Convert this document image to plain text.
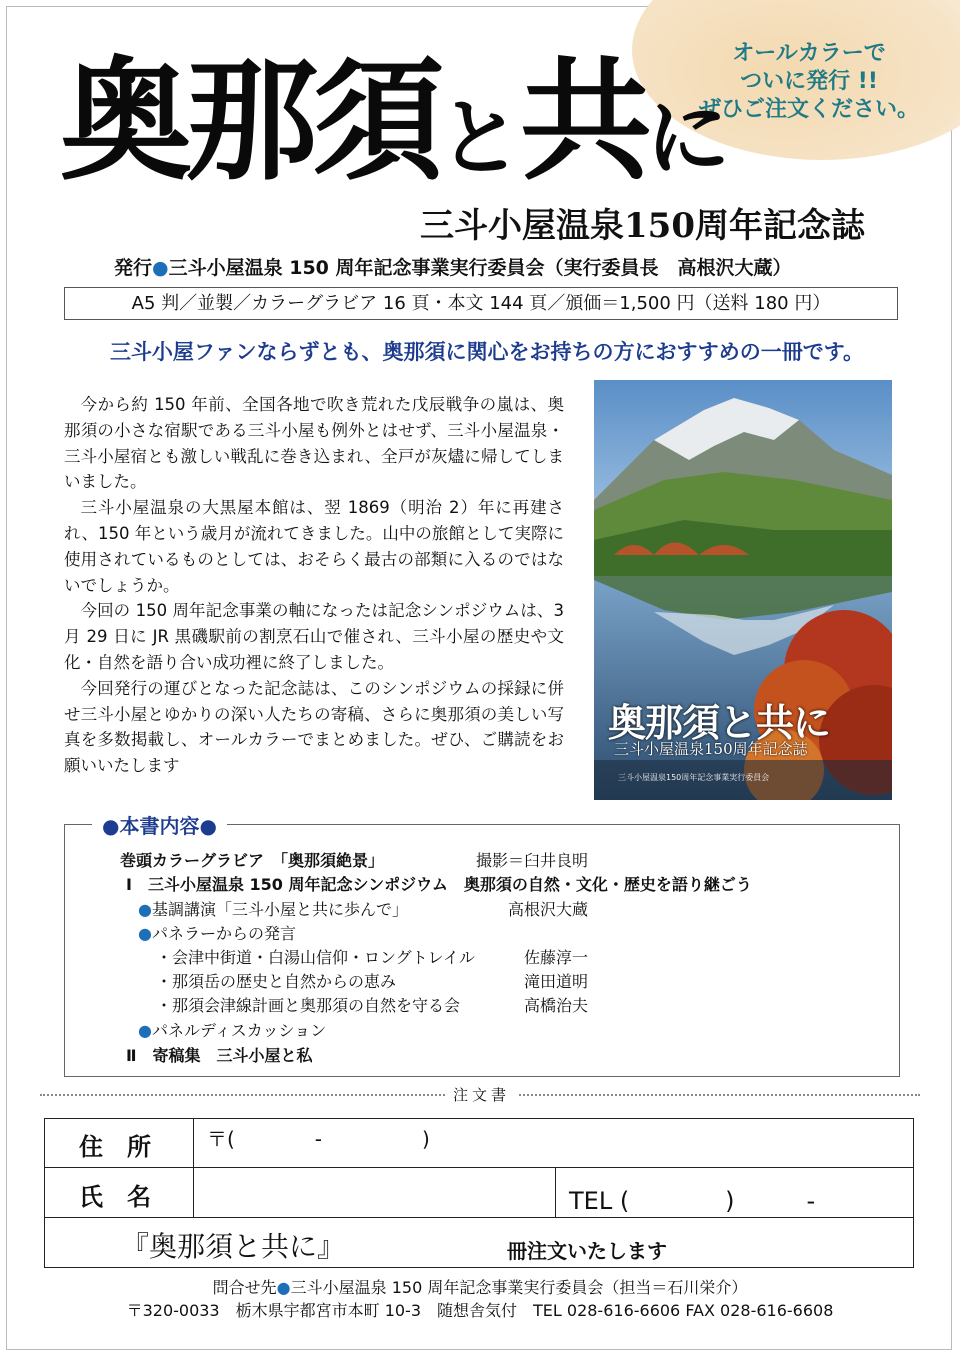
オールカラーで
ついに発行 !!
ぜひご注文ください。
奥那須と共に
三斗小屋温泉150周年記念誌
発行●三斗小屋温泉 150 周年記念事業実行委員会（実行委員長　高根沢大蔵）
A5 判／並製／カラーグラビア 16 頁・本文 144 頁／頒価＝1,500 円（送料 180 円）
三斗小屋ファンならずとも、奥那須に関心をお持ちの方におすすめの一冊です。

今から約 150 年前、全国各地で吹き荒れた戊辰戦争の嵐は、奥那須の小さな宿駅である三斗小屋も例外とはせず、三斗小屋温泉・三斗小屋宿とも激しい戦乱に巻き込まれ、全戸が灰燼に帰してしまいました。

三斗小屋温泉の大黒屋本館は、翌 1869（明治 2）年に再建され、150 年という歳月が流れてきました。山中の旅館として実際に使用されているものとしては、おそらく最古の部類に入るのではないでしょうか。

今回の 150 周年記念事業の軸になったは記念シンポジウムは、3 月 29 日に JR 黒磯駅前の割烹石山で催され、三斗小屋の歴史や文化・自然を語り合い成功裡に終了しました。

今回発行の運びとなった記念誌は、このシンポジウムの採録に併せ三斗小屋とゆかりの深い人たちの寄稿、さらに奥那須の美しい写真を多数掲載し、オールカラーでまとめました。ぜひ、ご購読をお願いいたします

奥那須と共に
三斗小屋温泉150周年記念誌
三斗小屋温泉150周年記念事業実行委員会
●本書内容●
巻頭カラーグラビア　「奥那須絶景」	撮影＝臼井良明
Ⅰ　三斗小屋温泉 150 周年記念シンポジウム　奥那須の自然・文化・歴史を語り継ごう
●基調講演「三斗小屋と共に歩んで」	高根沢大蔵
●パネラーからの発言
・会津中街道・白湯山信仰・ロングトレイル	佐藤淳一
・那須岳の歴史と自然からの恵み	滝田道明
・那須会津線計画と奥那須の自然を守る会	高橋治夫
●パネルディスカッション
Ⅱ　寄稿集　三斗小屋と私
注文書
住　所	〒(　　　　-　　　　　)
氏　名	TEL (　　　　)　　　-
『奥那須と共に』	冊注文いたします
問合せ先●三斗小屋温泉 150 周年記念事業実行委員会（担当＝石川栄介）
〒320-0033　栃木県宇都宮市本町 10-3　随想舎気付　TEL 028-616-6606 FAX 028-616-6608
